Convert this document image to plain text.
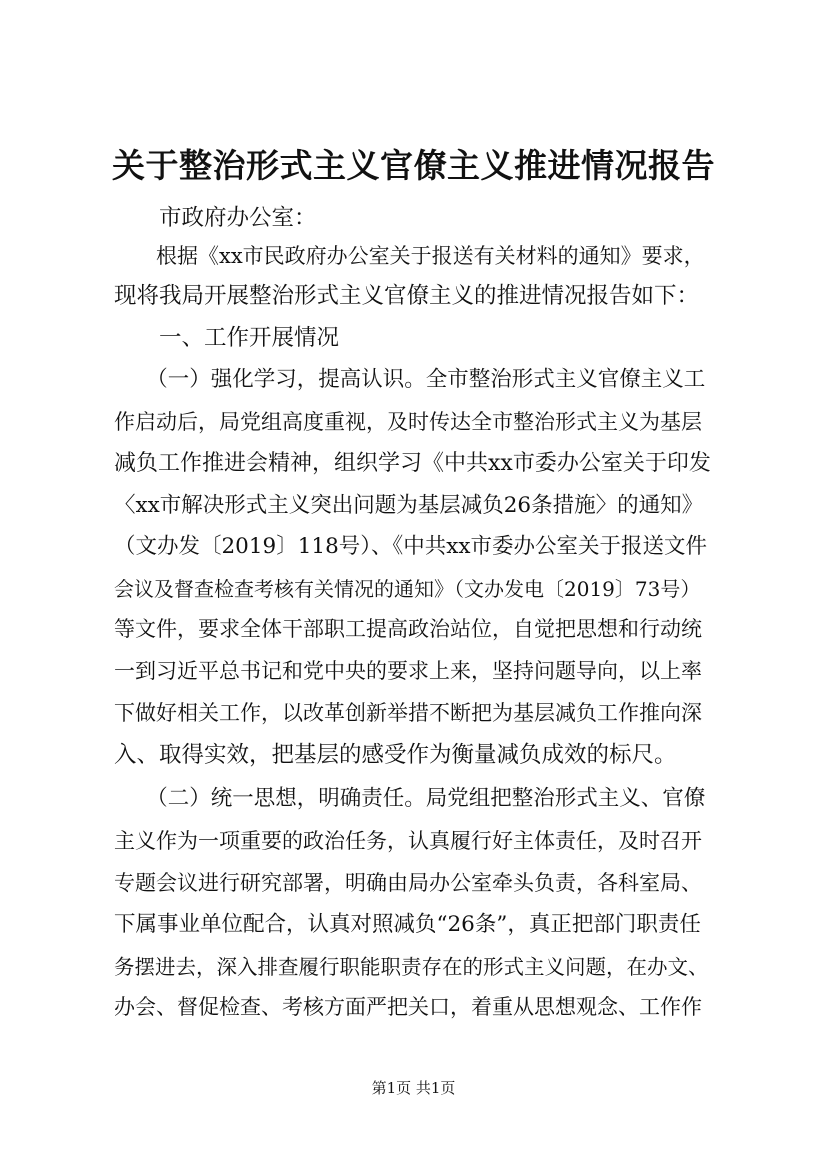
关于整治形式主义官僚主义推进情况报告
　　市政府办公室：
　　根据《xx市民政府办公室关于报送有关材料的通知》要求，
现将我局开展整治形式主义官僚主义的推进情况报告如下：
　　一、工作开展情况
　　（一）强化学习，提高认识。全市整治形式主义官僚主义工
作启动后，局党组高度重视，及时传达全市整治形式主义为基层
减负工作推进会精神，组织学习《中共xx市委办公室关于印发
〈xx市解决形式主义突出问题为基层减负26条措施〉的通知》
（文办发〔2019〕118号）、《中共xx市委办公室关于报送文件
会议及督查检查考核有关情况的通知》（文办发电〔2019〕73号）
等文件，要求全体干部职工提高政治站位，自觉把思想和行动统
一到习近平总书记和党中央的要求上来，坚持问题导向，以上率
下做好相关工作，以改革创新举措不断把为基层减负工作推向深
入、取得实效，把基层的感受作为衡量减负成效的标尺。
　　（二）统一思想，明确责任。局党组把整治形式主义、官僚
主义作为一项重要的政治任务，认真履行好主体责任，及时召开
专题会议进行研究部署，明确由局办公室牵头负责，各科室局、
下属事业单位配合，认真对照减负“26条”，真正把部门职责任
务摆进去，深入排查履行职能职责存在的形式主义问题，在办文、
办会、督促检查、考核方面严把关口，着重从思想观念、工作作
第1页 共1页
